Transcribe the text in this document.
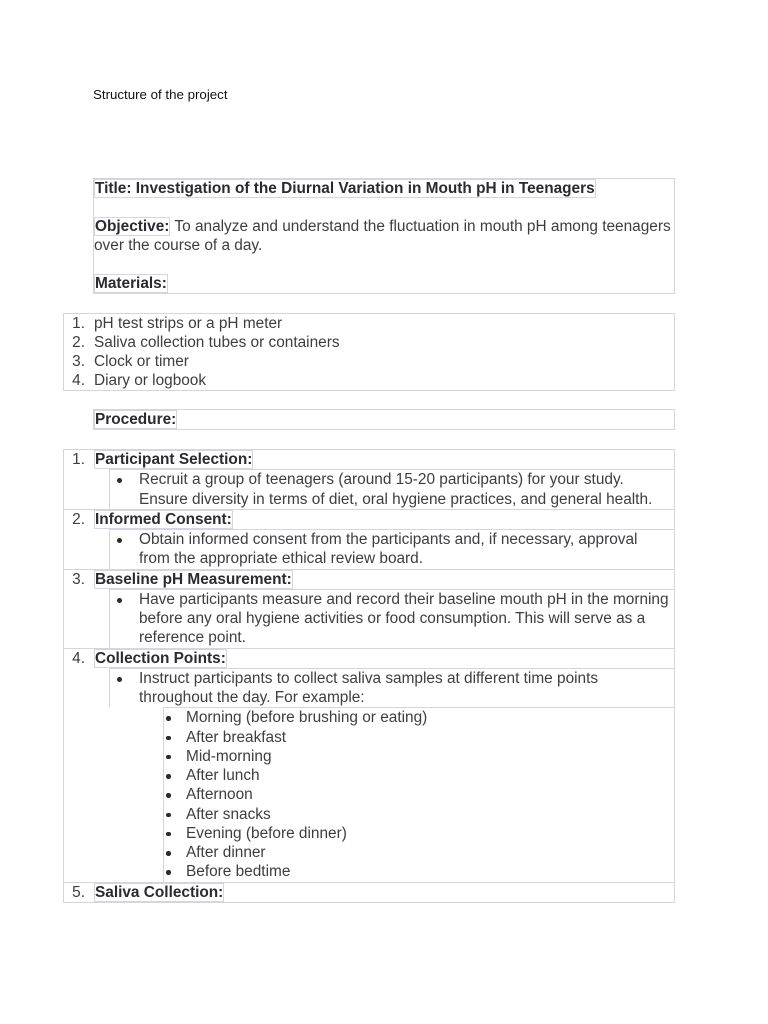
Structure of the project
Title: Investigation of the Diurnal Variation in Mouth pH in Teenagers
Objective: To analyze and understand the fluctuation in mouth pH among teenagers
over the course of a day.
Materials:
1. pH test strips or a pH meter
2. Saliva collection tubes or containers
3. Clock or timer
4. Diary or logbook
Procedure:
1. Participant Selection:
Recruit a group of teenagers (around 15-20 participants) for your study.
Ensure diversity in terms of diet, oral hygiene practices, and general health.
2. Informed Consent:
Obtain informed consent from the participants and, if necessary, approval
from the appropriate ethical review board.
3. Baseline pH Measurement:
Have participants measure and record their baseline mouth pH in the morning
before any oral hygiene activities or food consumption. This will serve as a
reference point.
4. Collection Points:
Instruct participants to collect saliva samples at different time points
throughout the day. For example:
Morning (before brushing or eating)
After breakfast
Mid-morning
After lunch
Afternoon
After snacks
Evening (before dinner)
After dinner
Before bedtime
5. Saliva Collection:
